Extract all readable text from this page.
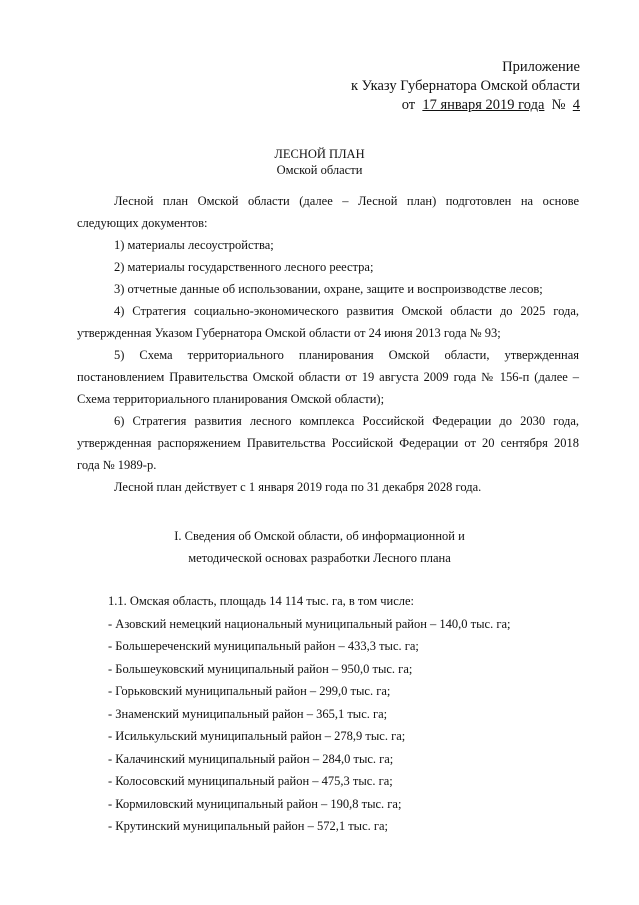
Приложение
к Указу Губернатора Омской области
от 17 января 2019 года № 4
ЛЕСНОЙ ПЛАН
Омской области

Лесной план Омской области (далее – Лесной план) подготовлен на основе следующих документов:

1) материалы лесоустройства;

2) материалы государственного лесного реестра;

3) отчетные данные об использовании, охране, защите и воспроизводстве лесов;

4) Стратегия социально-экономического развития Омской области до 2025 года, утвержденная Указом Губернатора Омской области от 24 июня 2013 года № 93;

5) Схема территориального планирования Омской области, утвержденная постановлением Правительства Омской области от 19 августа 2009 года № 156-п (далее – Схема территориального планирования Омской области);

6) Стратегия развития лесного комплекса Российской Федерации до 2030 года, утвержденная распоряжением Правительства Российской Федерации от 20 сентября 2018 года № 1989-р.

Лесной план действует с 1 января 2019 года по 31 декабря 2028 года.

I. Сведения об Омской области, об информационной и
методической основах разработки Лесного плана
1.1. Омская область, площадь 14 114 тыс. га, в том числе:
- Азовский немецкий национальный муниципальный район – 140,0 тыс. га;
- Большереченский муниципальный район – 433,3 тыс. га;
- Большеуковский муниципальный район – 950,0 тыс. га;
- Горьковский муниципальный район – 299,0 тыс. га;
- Знаменский муниципальный район – 365,1 тыс. га;
- Исилькульский муниципальный район – 278,9 тыс. га;
- Калачинский муниципальный район – 284,0 тыс. га;
- Колосовский муниципальный район – 475,3 тыс. га;
- Кормиловский муниципальный район – 190,8 тыс. га;
- Крутинский муниципальный район – 572,1 тыс. га;
